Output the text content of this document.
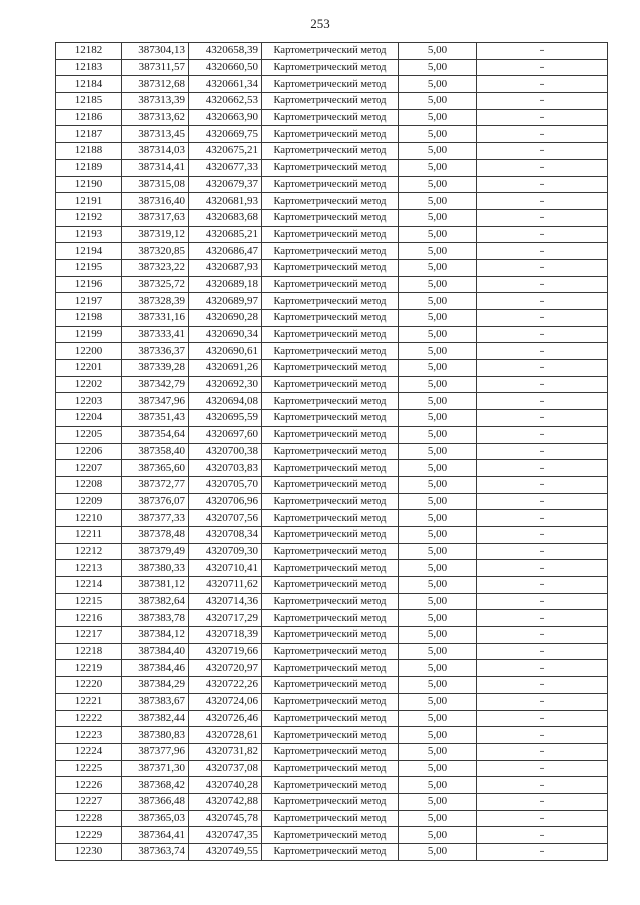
253
12182	387304,13	4320658,39	Картометрический метод	5,00	–
12183	387311,57	4320660,50	Картометрический метод	5,00	–
12184	387312,68	4320661,34	Картометрический метод	5,00	–
12185	387313,39	4320662,53	Картометрический метод	5,00	–
12186	387313,62	4320663,90	Картометрический метод	5,00	–
12187	387313,45	4320669,75	Картометрический метод	5,00	–
12188	387314,03	4320675,21	Картометрический метод	5,00	–
12189	387314,41	4320677,33	Картометрический метод	5,00	–
12190	387315,08	4320679,37	Картометрический метод	5,00	–
12191	387316,40	4320681,93	Картометрический метод	5,00	–
12192	387317,63	4320683,68	Картометрический метод	5,00	–
12193	387319,12	4320685,21	Картометрический метод	5,00	–
12194	387320,85	4320686,47	Картометрический метод	5,00	–
12195	387323,22	4320687,93	Картометрический метод	5,00	–
12196	387325,72	4320689,18	Картометрический метод	5,00	–
12197	387328,39	4320689,97	Картометрический метод	5,00	–
12198	387331,16	4320690,28	Картометрический метод	5,00	–
12199	387333,41	4320690,34	Картометрический метод	5,00	–
12200	387336,37	4320690,61	Картометрический метод	5,00	–
12201	387339,28	4320691,26	Картометрический метод	5,00	–
12202	387342,79	4320692,30	Картометрический метод	5,00	–
12203	387347,96	4320694,08	Картометрический метод	5,00	–
12204	387351,43	4320695,59	Картометрический метод	5,00	–
12205	387354,64	4320697,60	Картометрический метод	5,00	–
12206	387358,40	4320700,38	Картометрический метод	5,00	–
12207	387365,60	4320703,83	Картометрический метод	5,00	–
12208	387372,77	4320705,70	Картометрический метод	5,00	–
12209	387376,07	4320706,96	Картометрический метод	5,00	–
12210	387377,33	4320707,56	Картометрический метод	5,00	–
12211	387378,48	4320708,34	Картометрический метод	5,00	–
12212	387379,49	4320709,30	Картометрический метод	5,00	–
12213	387380,33	4320710,41	Картометрический метод	5,00	–
12214	387381,12	4320711,62	Картометрический метод	5,00	–
12215	387382,64	4320714,36	Картометрический метод	5,00	–
12216	387383,78	4320717,29	Картометрический метод	5,00	–
12217	387384,12	4320718,39	Картометрический метод	5,00	–
12218	387384,40	4320719,66	Картометрический метод	5,00	–
12219	387384,46	4320720,97	Картометрический метод	5,00	–
12220	387384,29	4320722,26	Картометрический метод	5,00	–
12221	387383,67	4320724,06	Картометрический метод	5,00	–
12222	387382,44	4320726,46	Картометрический метод	5,00	–
12223	387380,83	4320728,61	Картометрический метод	5,00	–
12224	387377,96	4320731,82	Картометрический метод	5,00	–
12225	387371,30	4320737,08	Картометрический метод	5,00	–
12226	387368,42	4320740,28	Картометрический метод	5,00	–
12227	387366,48	4320742,88	Картометрический метод	5,00	–
12228	387365,03	4320745,78	Картометрический метод	5,00	–
12229	387364,41	4320747,35	Картометрический метод	5,00	–
12230	387363,74	4320749,55	Картометрический метод	5,00	–
